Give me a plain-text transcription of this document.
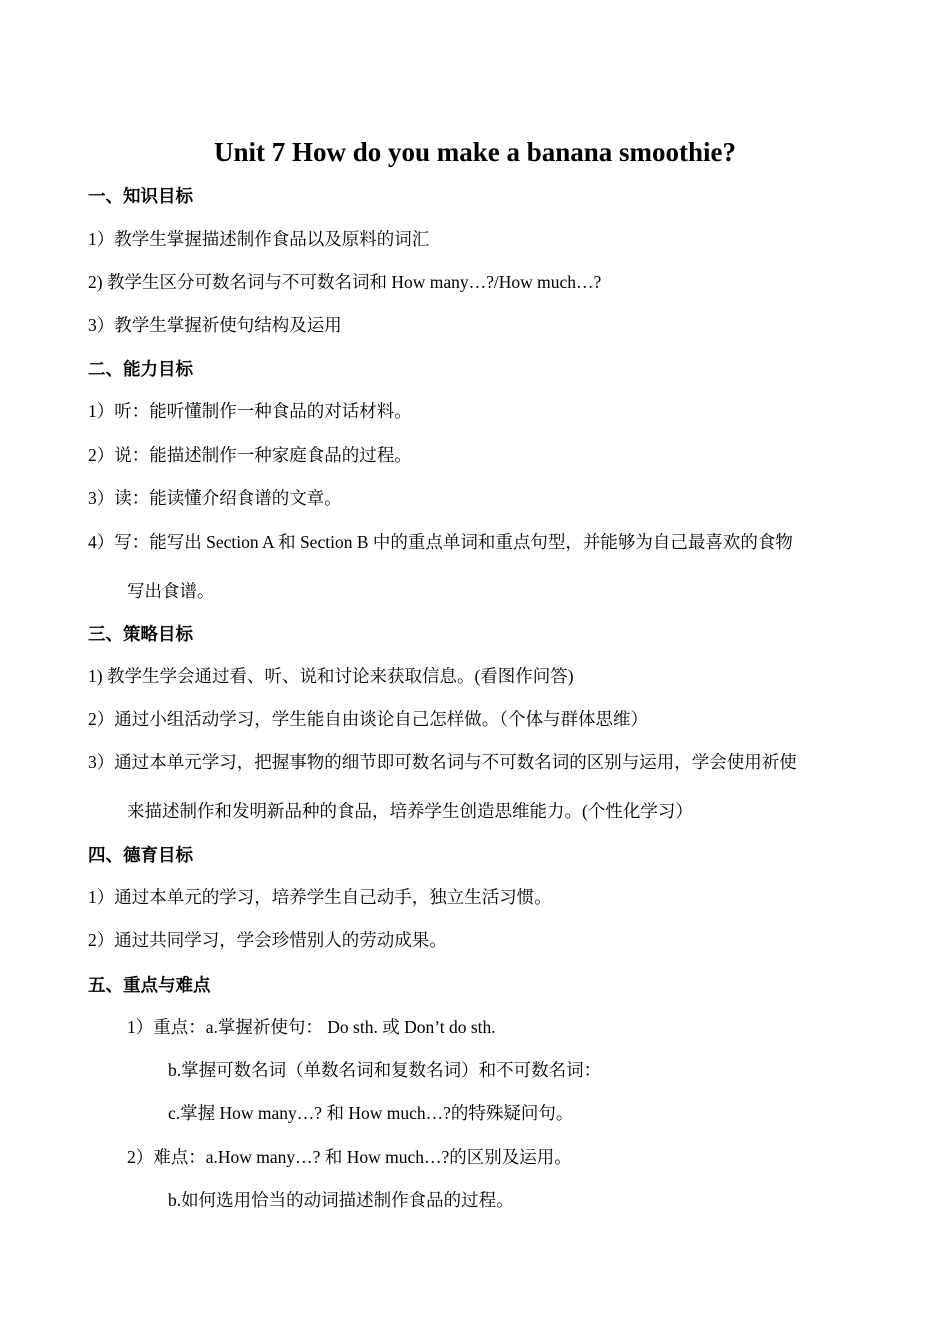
Unit 7 How do you make a banana smoothie?
一、知识目标
1）教学生掌握描述制作食品以及原料的词汇
2) 教学生区分可数名词与不可数名词和 How many…?/How much…?
3）教学生掌握祈使句结构及运用
二、能力目标
1）听：能听懂制作一种食品的对话材料。
2）说：能描述制作一种家庭食品的过程。
3）读：能读懂介绍食谱的文章。
4）写：能写出 Section A 和 Section B 中的重点单词和重点句型，并能够为自己最喜欢的食物
写出食谱。
三、策略目标
1) 教学生学会通过看、听、说和讨论来获取信息。(看图作问答)
2）通过小组活动学习，学生能自由谈论自己怎样做。（个体与群体思维）
3）通过本单元学习，把握事物的细节即可数名词与不可数名词的区别与运用，学会使用祈使
来描述制作和发明新品种的食品，培养学生创造思维能力。(个性化学习）
四、德育目标
1）通过本单元的学习，培养学生自己动手，独立生活习惯。
2）通过共同学习，学会珍惜别人的劳动成果。
五、重点与难点
1）重点：a.掌握祈使句： Do sth. 或 Don’t do sth.
b.掌握可数名词（单数名词和复数名词）和不可数名词：
c.掌握 How many…? 和 How much…?的特殊疑问句。
2）难点：a.How many…? 和 How much…?的区别及运用。
b.如何选用恰当的动词描述制作食品的过程。
